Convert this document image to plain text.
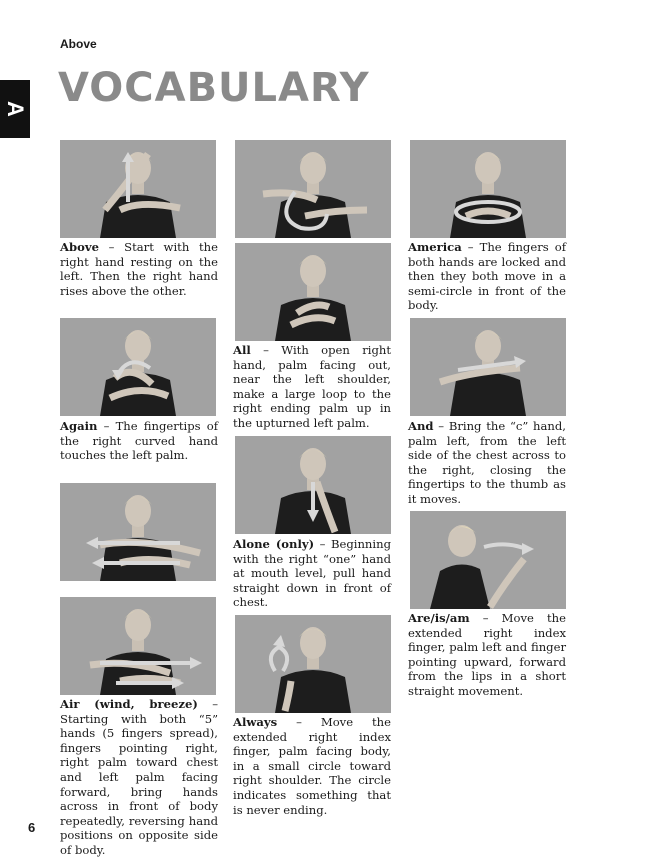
Above
A VOCABULARY
Above – Start with the right hand resting on the left. Then the right hand rises above the other.
Again – The fingertips of the right curved hand touches the left palm.
Air (wind, breeze) – Starting with both “5” hands (5 fingers spread), fingers pointing right, right palm toward chest and left palm facing forward, bring hands across in front of body repeatedly, reversing hand positions on opposite side of body.
All – With open right hand, palm facing out, near the left shoulder, make a large loop to the right ending palm up in the upturned left palm.
Alone (only) – Beginning with the right “one” hand at mouth level, pull hand straight down in front of chest.
Always – Move the extended right index finger, palm facing body, in a small circle toward right shoulder. The circle indicates something that is never ending.
America – The fingers of both hands are locked and then they both move in a semi-circle in front of the body.
And – Bring the “c” hand, palm left, from the left side of the chest across to the right, closing the fingertips to the thumb as it moves.
Are/is/am – Move the extended right index finger, palm left and finger pointing upward, forward from the lips in a short straight movement.
6
